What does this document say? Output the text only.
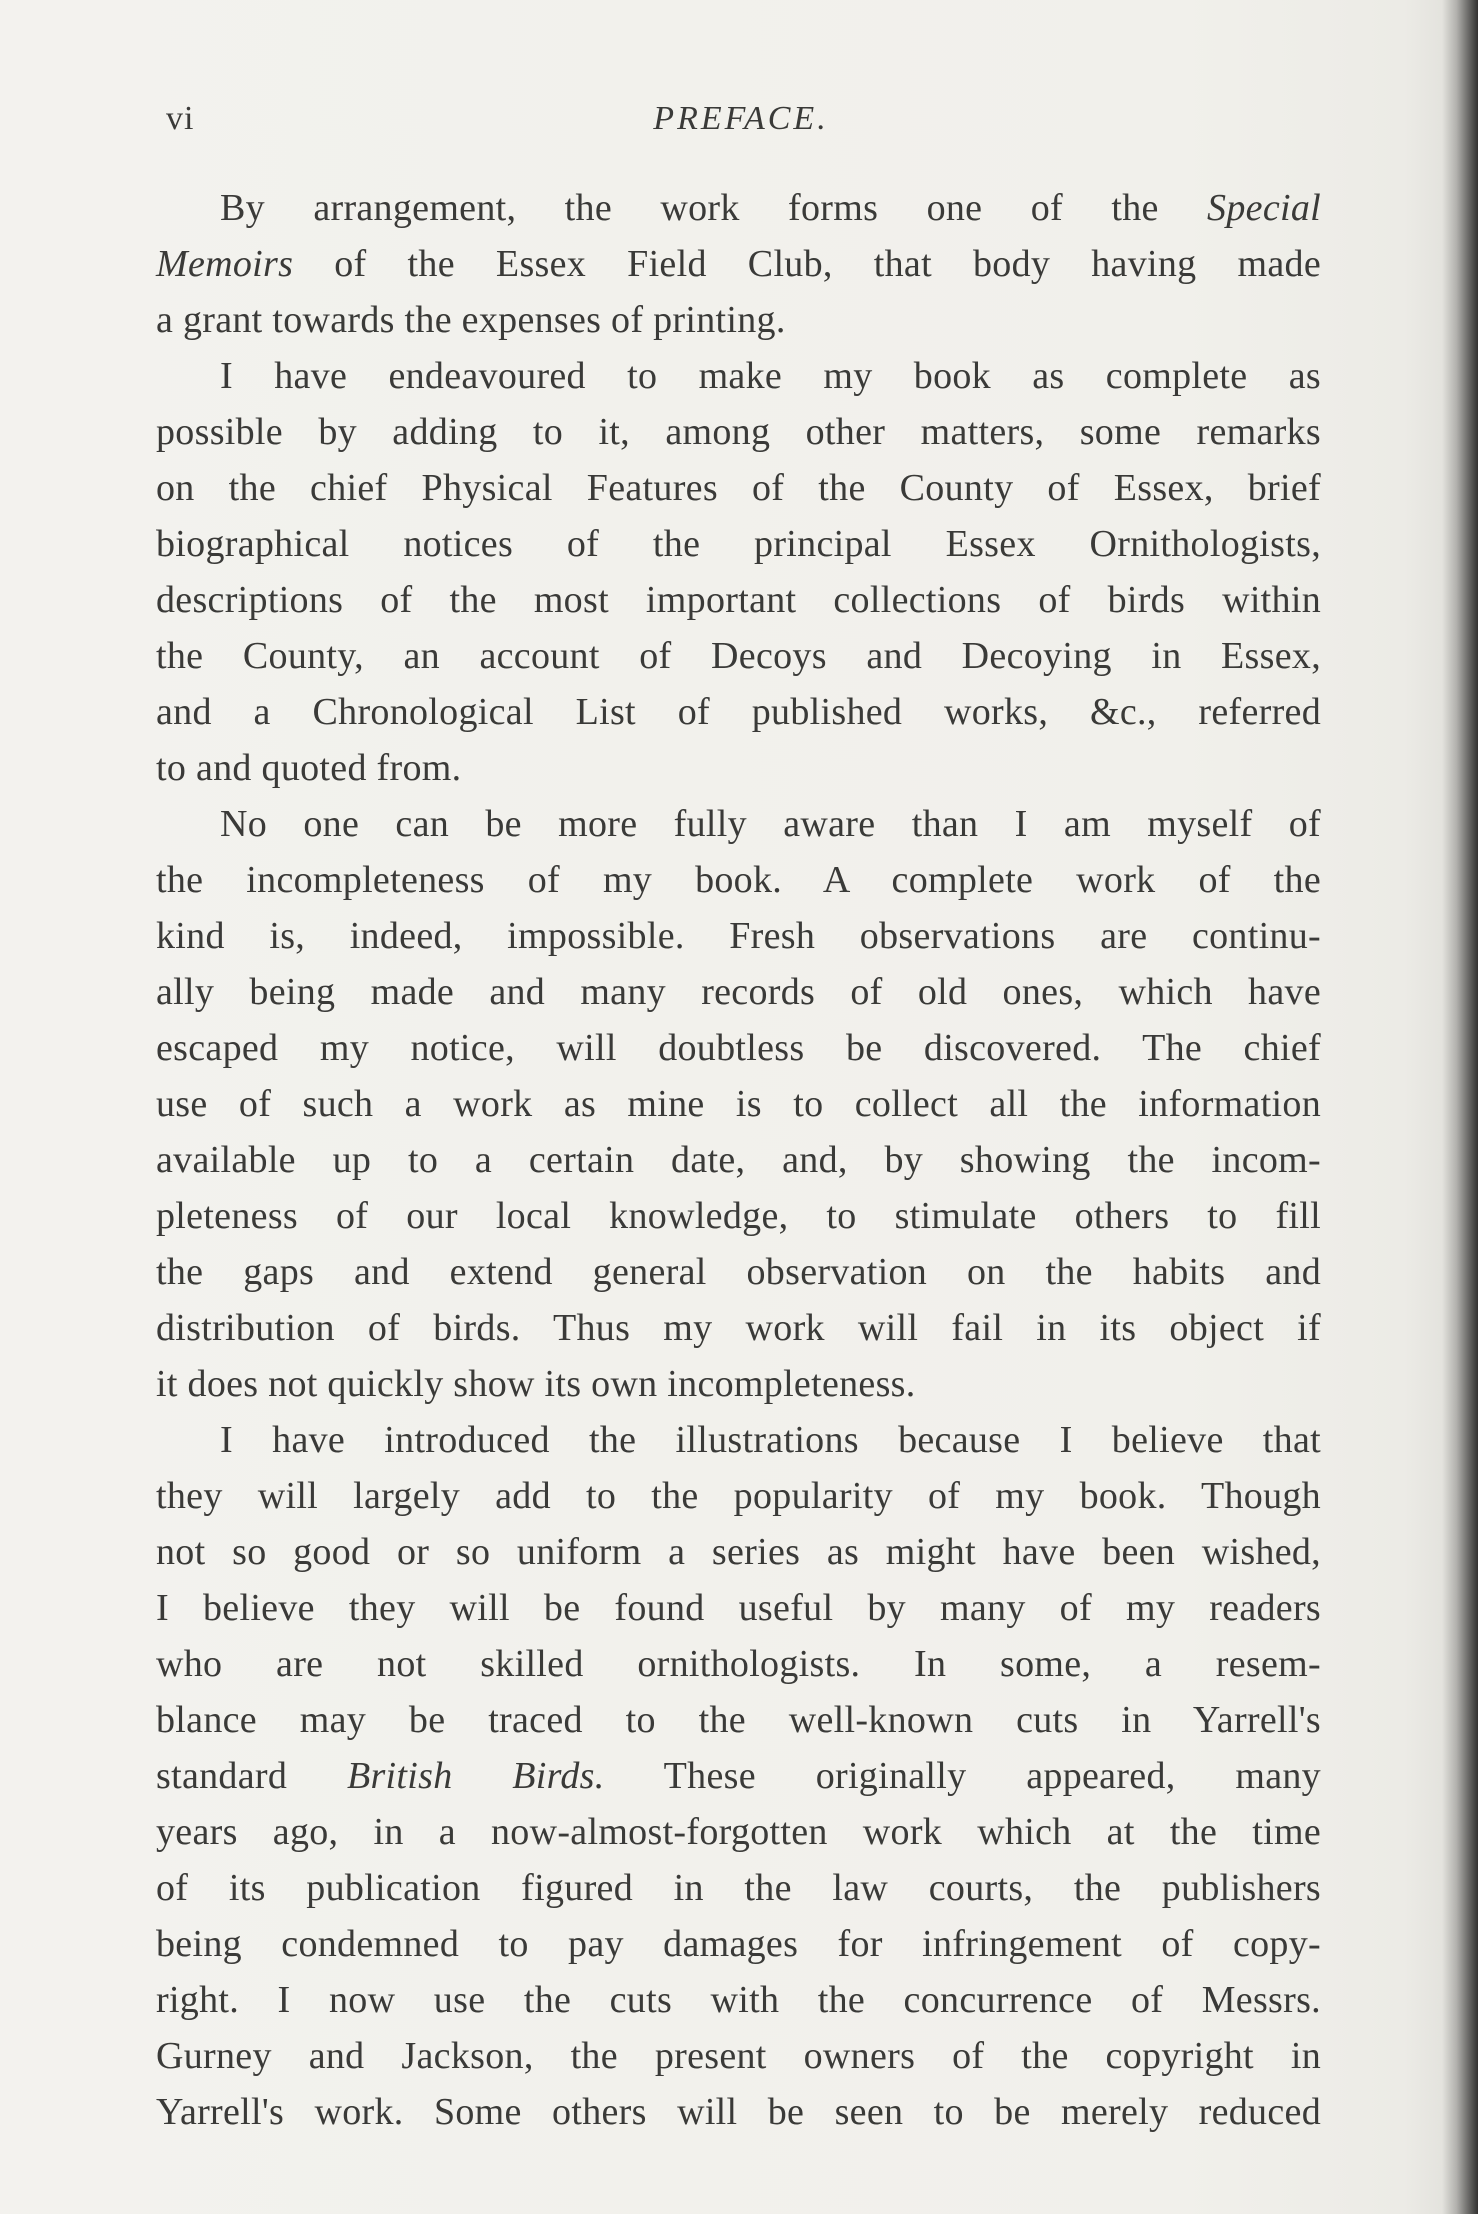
vi	PREFACE.
By arrangement, the work forms one of the Special
Memoirs of the Essex Field Club, that body having made
a grant towards the expenses of printing.
I have endeavoured to make my book as complete as
possible by adding to it, among other matters, some remarks
on the chief Physical Features of the County of Essex, brief
biographical notices of the principal Essex Ornithologists,
descriptions of the most important collections of birds within
the County, an account of Decoys and Decoying in Essex,
and a Chronological List of published works, &c., referred
to and quoted from.
No one can be more fully aware than I am myself of
the incompleteness of my book. A complete work of the
kind is, indeed, impossible. Fresh observations are continu-
ally being made and many records of old ones, which have
escaped my notice, will doubtless be discovered. The chief
use of such a work as mine is to collect all the information
available up to a certain date, and, by showing the incom-
pleteness of our local knowledge, to stimulate others to fill
the gaps and extend general observation on the habits and
distribution of birds. Thus my work will fail in its object if
it does not quickly show its own incompleteness.
I have introduced the illustrations because I believe that
they will largely add to the popularity of my book. Though
not so good or so uniform a series as might have been wished,
I believe they will be found useful by many of my readers
who are not skilled ornithologists. In some, a resem-
blance may be traced to the well-known cuts in Yarrell's
standard British Birds. These originally appeared, many
years ago, in a now-almost-forgotten work which at the time
of its publication figured in the law courts, the publishers
being condemned to pay damages for infringement of copy-
right. I now use the cuts with the concurrence of Messrs.
Gurney and Jackson, the present owners of the copyright in
Yarrell's work. Some others will be seen to be merely reduced
